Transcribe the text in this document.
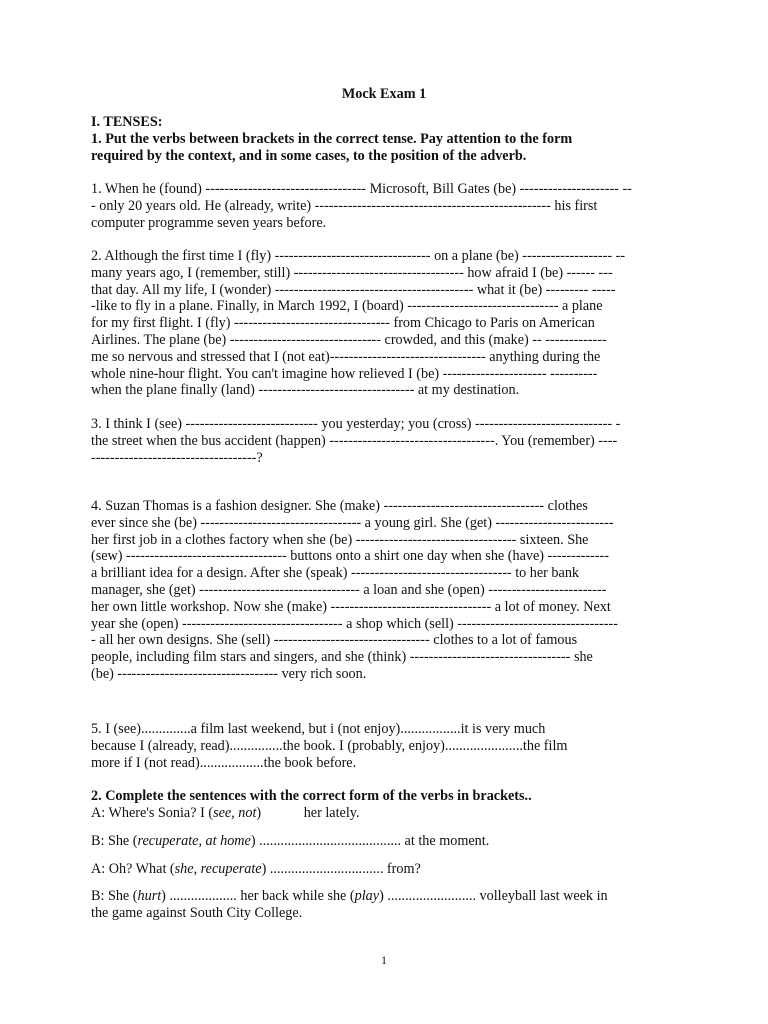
Mock Exam 1
I. TENSES:
1. Put the verbs between brackets in the correct tense. Pay attention to the form
required by the context, and in some cases, to the position of the adverb.
1. When he (found) ---------------------------------- Microsoft, Bill Gates (be) --------------------- --
- only 20 years old. He (already, write) -------------------------------------------------- his first
computer programme seven years before.
2. Although the first time I (fly) --------------------------------- on a plane (be) ------------------- --
many years ago, I (remember, still) ------------------------------------ how afraid I (be) ------ ---
that day. All my life, I (wonder) ------------------------------------------ what it (be) --------- -----
-like to fly in a plane. Finally, in March 1992, I (board) -------------------------------- a plane
for my first flight. I (fly) --------------------------------- from Chicago to Paris on American
Airlines. The plane (be) -------------------------------- crowded, and this (make) -- -------------
me so nervous and stressed that I (not eat)--------------------------------- anything during the
whole nine-hour flight. You can't imagine how relieved I (be) ---------------------- ----------
when the plane finally (land) --------------------------------- at my destination.
3. I think I (see) ---------------------------- you yesterday; you (cross) ----------------------------- -
the street when the bus accident (happen) -----------------------------------. You (remember) ----
-----------------------------------?
4. Suzan Thomas is a fashion designer. She (make) ---------------------------------- clothes
ever since she (be) ---------------------------------- a young girl. She (get) -------------------------
her first job in a clothes factory when she (be) ---------------------------------- sixteen. She
(sew) ---------------------------------- buttons onto a shirt one day when she (have) -------------
a brilliant idea for a design. After she (speak) ---------------------------------- to her bank
manager, she (get) ---------------------------------- a loan and she (open) -------------------------
her own little workshop. Now she (make) ---------------------------------- a lot of money. Next
year she (open) ---------------------------------- a shop which (sell) ----------------------------------
- all her own designs. She (sell) --------------------------------- clothes to a lot of famous
people, including film stars and singers, and she (think) ---------------------------------- she
(be) ---------------------------------- very rich soon.
5. I (see)..............a film last weekend, but i (not enjoy).................it is very much
because I (already, read)...............the book. I (probably, enjoy)......................the film
more if I (not read)..................the book before.
2. Complete the sentences with the correct form of the verbs in brackets..
A: Where's Sonia? I (see, not)            her lately.
B: She (recuperate, at home) ........................................ at the moment.
A: Oh? What (she, recuperate) ................................ from?
B: She (hurt) ................... her back while she (play) ......................... volleyball last week in
the game against South City College.
1
